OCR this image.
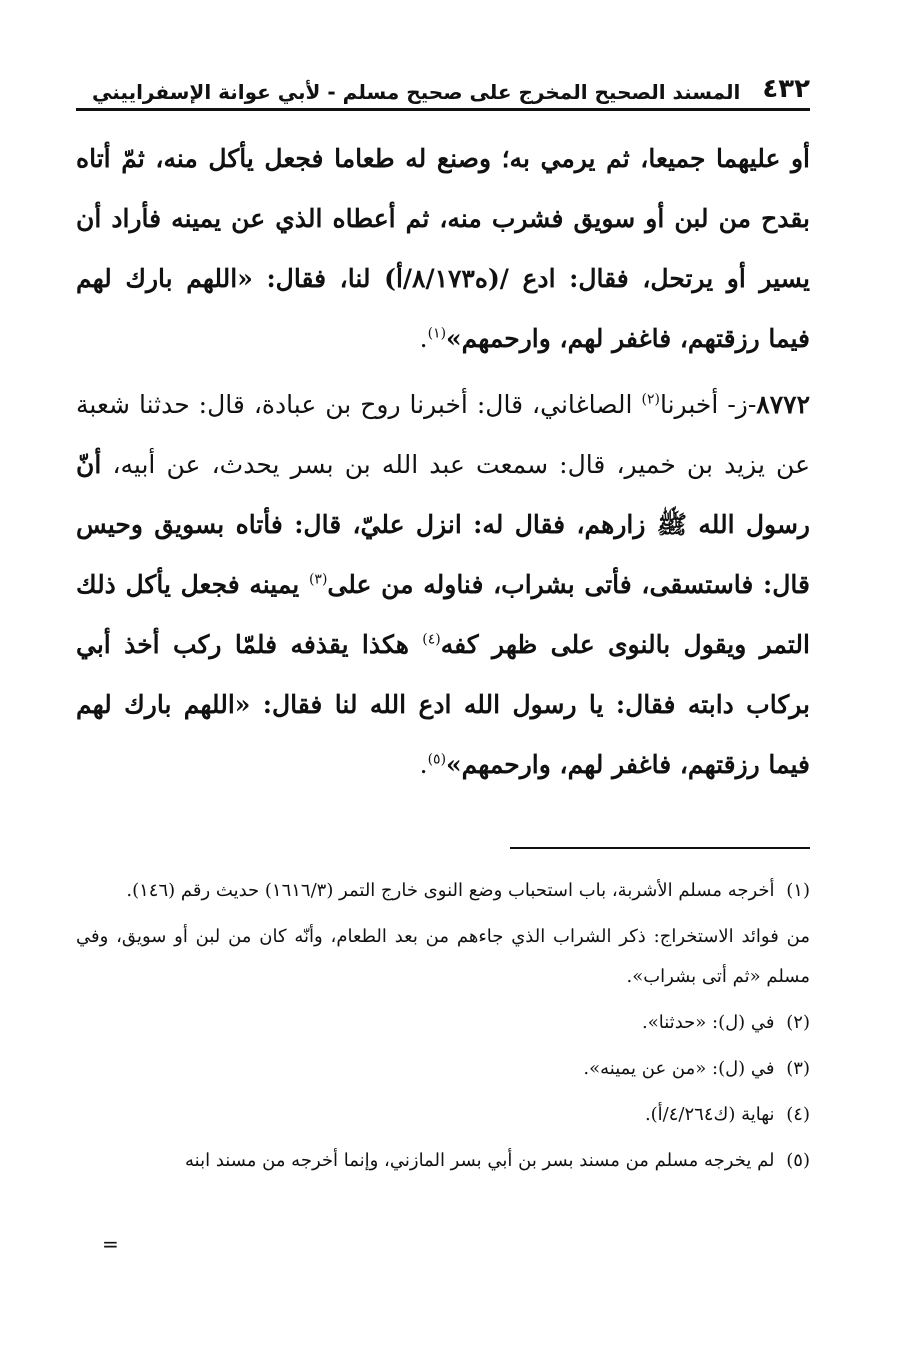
٤٣٢
المسند الصحيح المخرج على صحيح مسلم - لأبي عوانة الإسفراييني

أو عليهما جميعا، ثم يرمي به؛ وصنع له طعاما فجعل يأكل منه، ثمّ أتاه بقدح من لبن أو سويق فشرب منه، ثم أعطاه الذي عن يمينه فأراد أن يسير أو يرتحل، فقال: ادع /(ه٨/١٧٣/أ) لنا، فقال: «اللهم بارك لهم فيما رزقتهم، فاغفر لهم، وارحمهم»$^{(١)}$.

٨٧٧٢-ز- أخبرنا$^{(٢)}$ الصاغاني، قال: أخبرنا روح بن عبادة، قال: حدثنا شعبة عن يزيد بن خمير، قال: سمعت عبد الله بن بسر يحدث، عن أبيه، أنّ رسول الله ﷺ زارهم، فقال له: انزل عليّ، قال: فأتاه بسويق وحيس قال: فاستسقى، فأتى بشراب، فناوله من على$^{(٣)}$ يمينه فجعل يأكل ذلك التمر ويقول بالنوى على ظهر كفه$^{(٤)}$ هكذا يقذفه فلمّا ركب أخذ أبي بركاب دابته فقال: يا رسول الله ادع الله لنا فقال: «اللهم بارك لهم فيما رزقتهم، فاغفر لهم، وارحمهم»$^{(٥)}$.

(١) أخرجه مسلم الأشربة، باب استحباب وضع النوى خارج التمر (١٦١٦/٣) حديث رقم (١٤٦).

من فوائد الاستخراج: ذكر الشراب الذي جاءهم من بعد الطعام، وأنّه كان من لبن أو سويق، وفي مسلم «ثم أتى بشراب».

(٢) في (ل): «حدثنا».

(٣) في (ل): «من عن يمينه».

(٤) نهاية (ك٤/٢٦٤/أ).

(٥) لم يخرجه مسلم من مسند بسر بن أبي بسر المازني، وإنما أخرجه من مسند ابنه

=
